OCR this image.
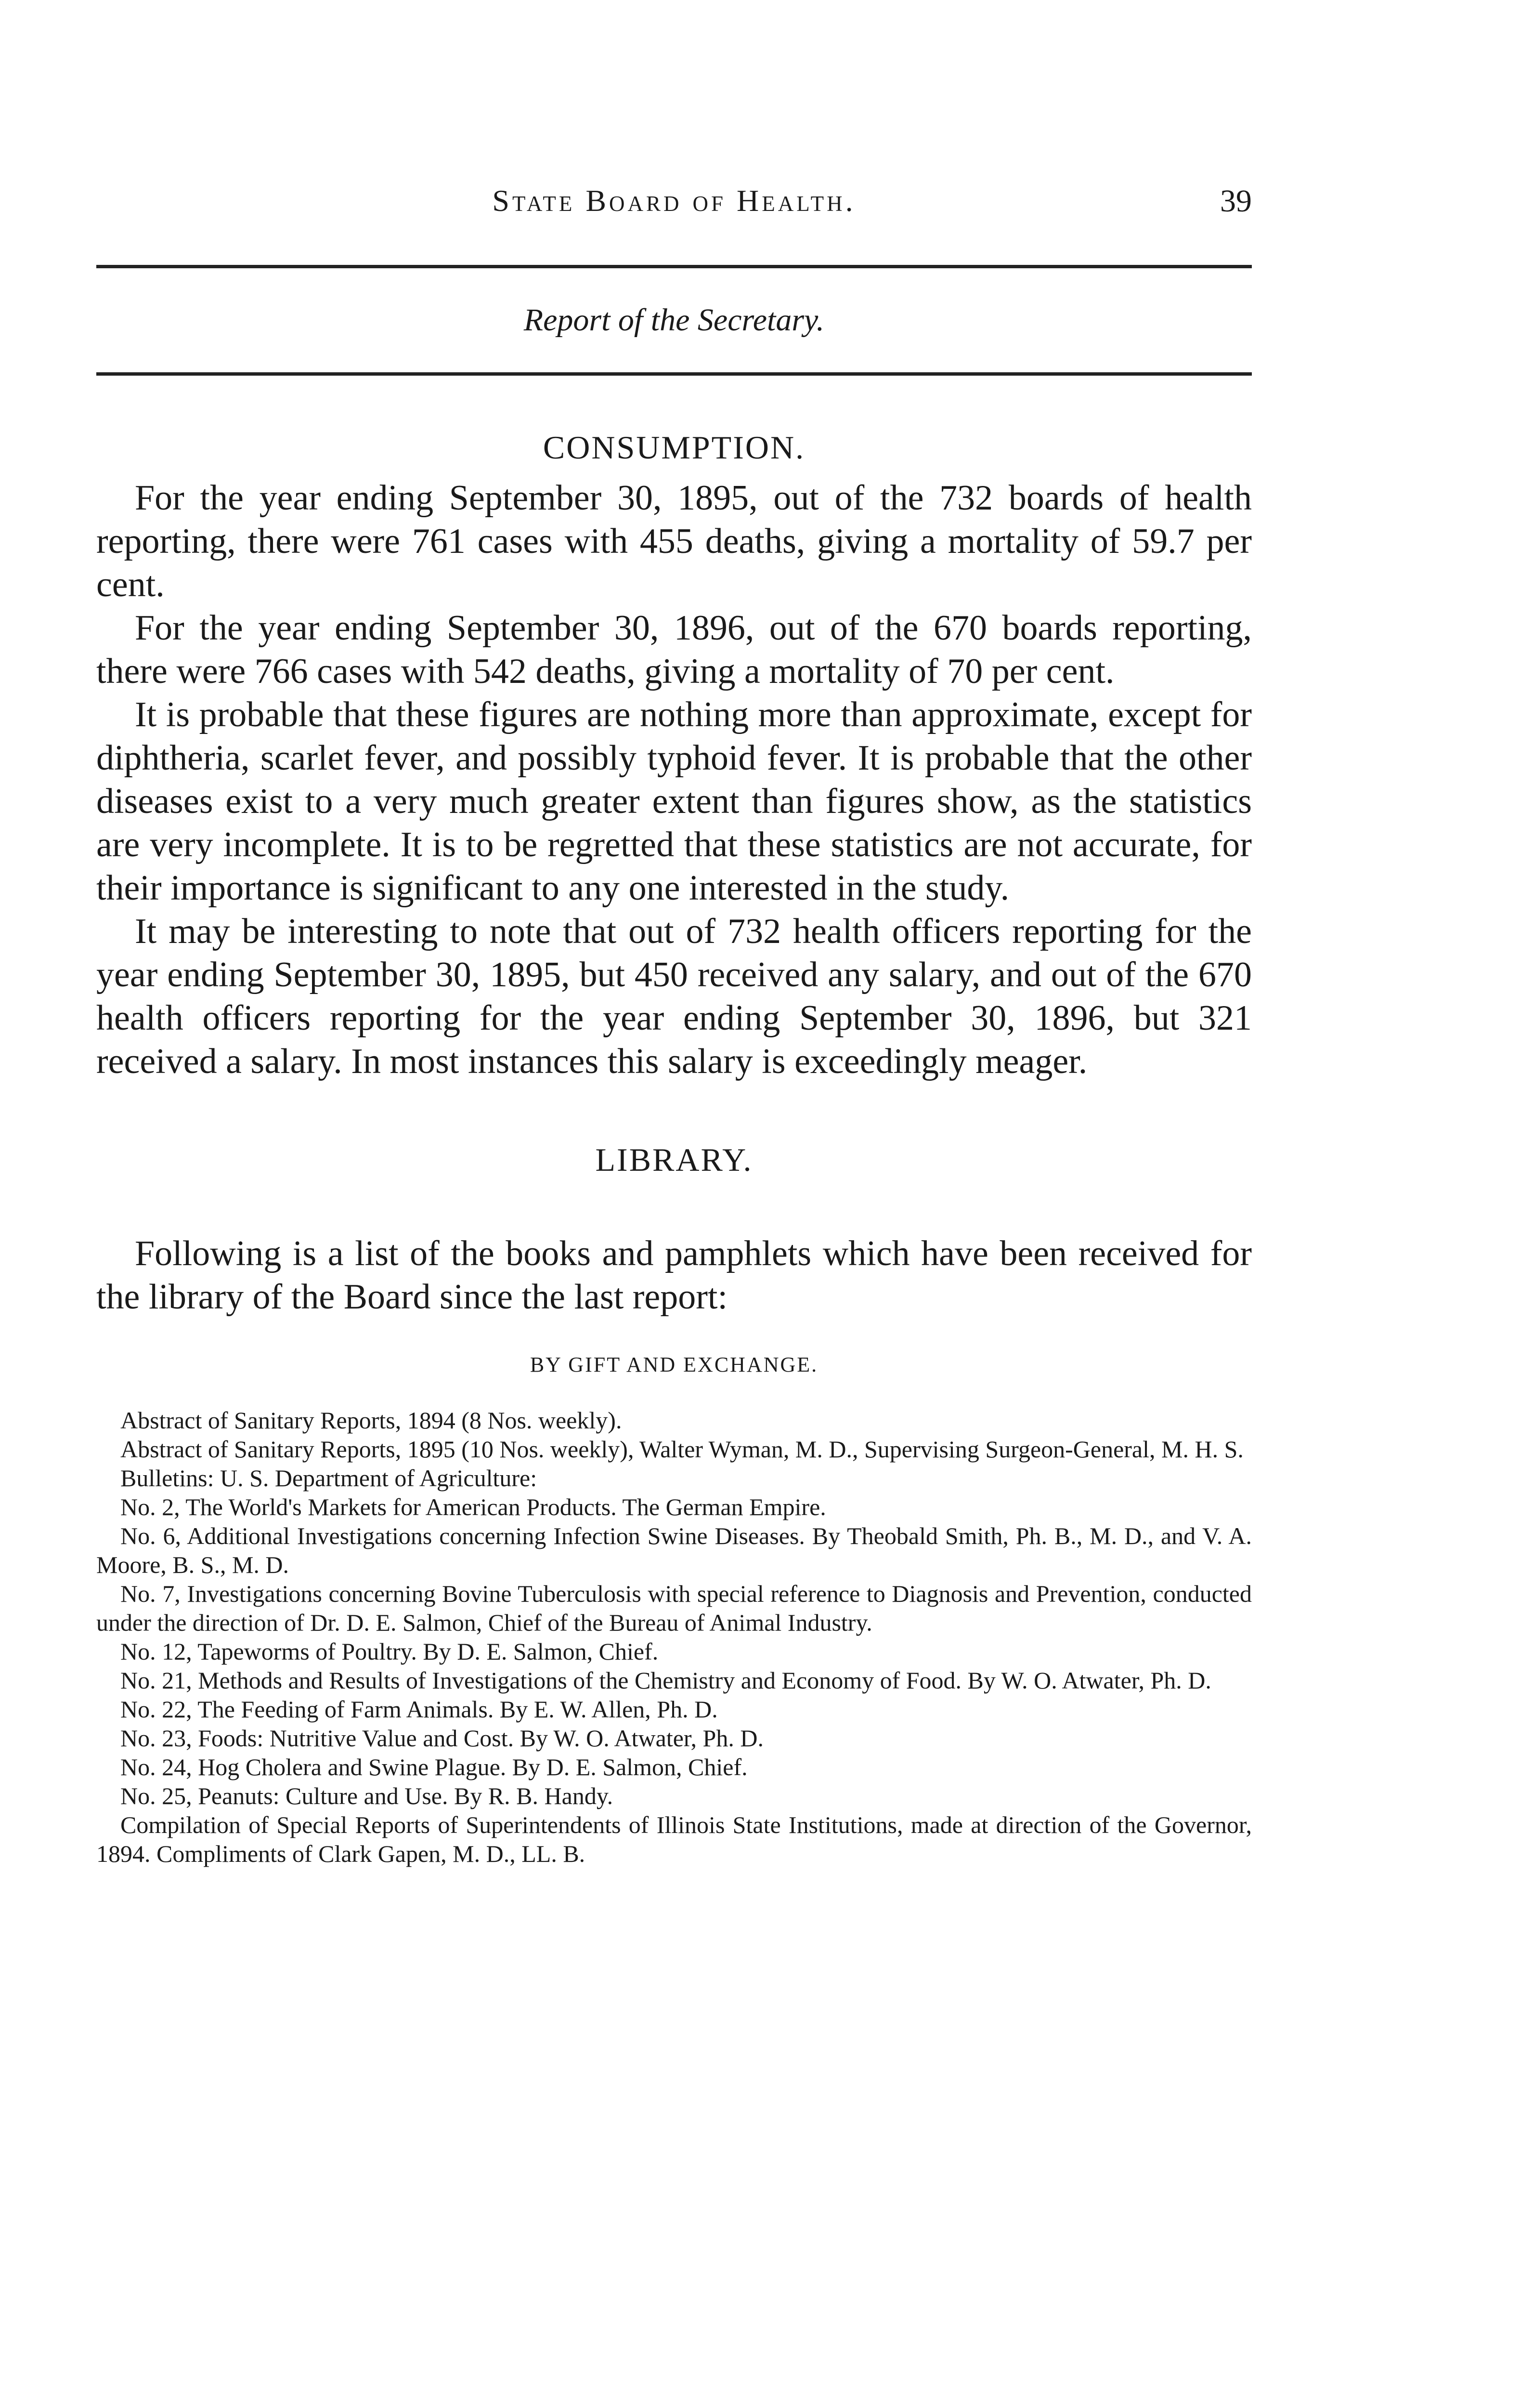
State Board of Health.	39
Report of the Secretary.
CONSUMPTION.

For the year ending September 30, 1895, out of the 732 boards of health reporting, there were 761 cases with 455 deaths, giving a mortality of 59.7 per cent.

For the year ending September 30, 1896, out of the 670 boards reporting, there were 766 cases with 542 deaths, giving a mortality of 70 per cent.

It is probable that these figures are nothing more than approximate, except for diphtheria, scarlet fever, and possibly typhoid fever. It is probable that the other diseases exist to a very much greater extent than figures show, as the statistics are very incomplete. It is to be regretted that these statistics are not accurate, for their importance is significant to any one interested in the study.

It may be interesting to note that out of 732 health officers reporting for the year ending September 30, 1895, but 450 received any salary, and out of the 670 health officers reporting for the year ending September 30, 1896, but 321 received a salary. In most instances this salary is exceedingly meager.

LIBRARY.

Following is a list of the books and pamphlets which have been received for the library of the Board since the last report:

BY GIFT AND EXCHANGE.

Abstract of Sanitary Reports, 1894 (8 Nos. weekly).

Abstract of Sanitary Reports, 1895 (10 Nos. weekly), Walter Wyman, M. D., Supervising Surgeon-General, M. H. S.

Bulletins: U. S. Department of Agriculture:

No. 2, The World's Markets for American Products. The German Empire.

No. 6, Additional Investigations concerning Infection Swine Diseases. By Theobald Smith, Ph. B., M. D., and V. A. Moore, B. S., M. D.

No. 7, Investigations concerning Bovine Tuberculosis with special reference to Diagnosis and Prevention, conducted under the direction of Dr. D. E. Salmon, Chief of the Bureau of Animal Industry.

No. 12, Tapeworms of Poultry. By D. E. Salmon, Chief.

No. 21, Methods and Results of Investigations of the Chemistry and Economy of Food. By W. O. Atwater, Ph. D.

No. 22, The Feeding of Farm Animals. By E. W. Allen, Ph. D.

No. 23, Foods: Nutritive Value and Cost. By W. O. Atwater, Ph. D.

No. 24, Hog Cholera and Swine Plague. By D. E. Salmon, Chief.

No. 25, Peanuts: Culture and Use. By R. B. Handy.

Compilation of Special Reports of Superintendents of Illinois State Institutions, made at direction of the Governor, 1894. Compliments of Clark Gapen, M. D., LL. B.
